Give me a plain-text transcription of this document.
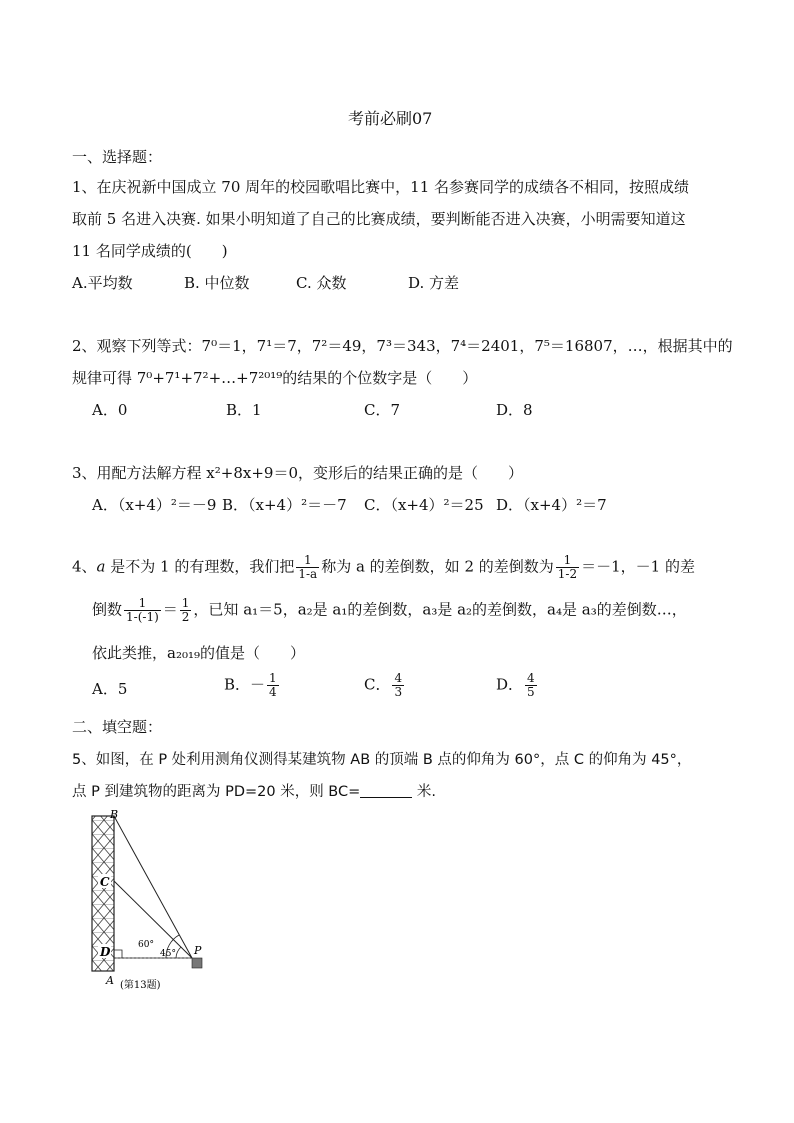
考前必刷07
一、选择题：
1、在庆祝新中国成立 70 周年的校园歌唱比赛中，11 名参赛同学的成绩各不相同，按照成绩
取前 5 名进入决赛. 如果小明知道了自己的比赛成绩，要判断能否进入决赛，小明需要知道这
11 名同学成绩的(　　)
A.平均数	B. 中位数	C. 众数	D. 方差
2、观察下列等式：7⁰＝1，7¹＝7，7²＝49，7³＝343，7⁴＝2401，7⁵＝16807，…，根据其中的
规律可得 7⁰+7¹+7²+…+7²⁰¹⁹的结果的个位数字是（　　）
A．0	B．1	C．7	D．8
3、用配方法解方程 x²+8x+9＝0，变形后的结果正确的是（　　）
A．（x+4）²＝－9 B．（x+4）²＝－7 C．（x+4）²＝25 D．（x+4）²＝7
4、a 是不为 1 的有理数，我们把 $\frac{1}{1-a}$ 称为 a 的差倒数，如 2 的差倒数为 $\frac{1}{1-2} =-1$，－1 的差
倒数 $\frac{1}{1-(-1)} = \frac{1}{2}$ ，已知 a₁＝5，a₂是 a₁的差倒数，a₃是 a₂的差倒数，a₄是 a₃的差倒数…，
依此类推，a₂₀₁₉的值是（　　）
A．5	B．－ $\frac{1}{4}$	C． $\frac{4}{3}$	D． $\frac{4}{5}$
二、填空题：
5、如图，在 P 处利用测角仪测得某建筑物 AB 的顶端 B 点的仰角为 60°，点 C 的仰角为 45°，
点 P 到建筑物的距离为 PD=20 米，则 BC=	米.
D
C
B
A
P
60°
45°
(第13题)
